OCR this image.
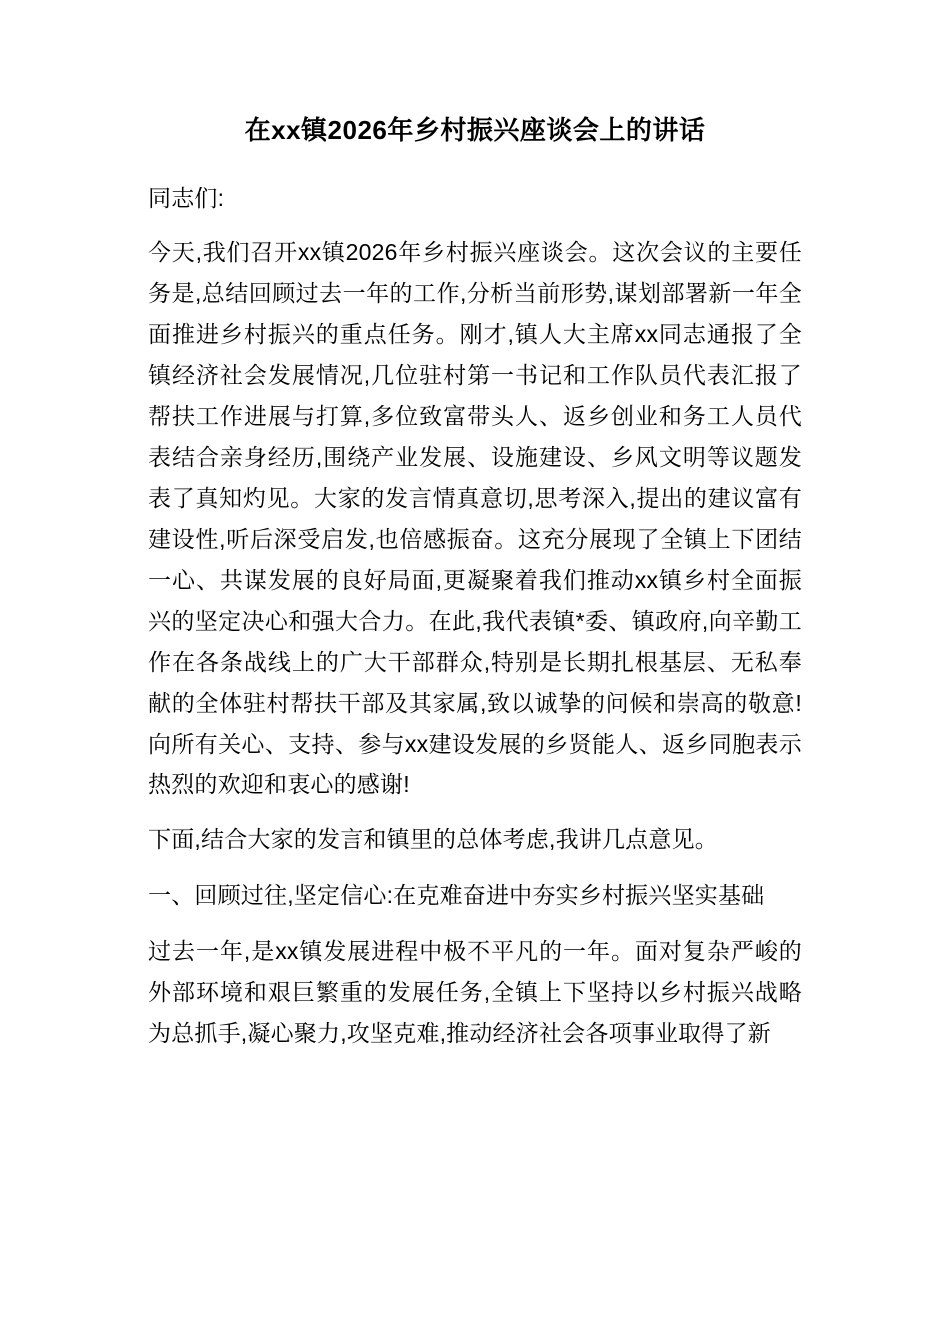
在xx镇2026年乡村振兴座谈会上的讲话

同志们:

今天,我们召开xx镇2026年乡村振兴座谈会。这次会议的主要任务是,总结回顾过去一年的工作,分析当前形势,谋划部署新一年全面推进乡村振兴的重点任务。刚才,镇人大主席xx同志通报了全镇经济社会发展情况,几位驻村第一书记和工作队员代表汇报了帮扶工作进展与打算,多位致富带头人、返乡创业和务工人员代表结合亲身经历,围绕产业发展、设施建设、乡风文明等议题发表了真知灼见。大家的发言情真意切,思考深入,提出的建议富有建设性,听后深受启发,也倍感振奋。这充分展现了全镇上下团结一心、共谋发展的良好局面,更凝聚着我们推动xx镇乡村全面振兴的坚定决心和强大合力。在此,我代表镇*委、镇政府,向辛勤工作在各条战线上的广大干部群众,特别是长期扎根基层、无私奉献的全体驻村帮扶干部及其家属,致以诚挚的问候和崇高的敬意!向所有关心、支持、参与xx建设发展的乡贤能人、返乡同胞表示热烈的欢迎和衷心的感谢!

下面,结合大家的发言和镇里的总体考虑,我讲几点意见。

一、回顾过往,坚定信心:在克难奋进中夯实乡村振兴坚实基础

过去一年,是xx镇发展进程中极不平凡的一年。面对复杂严峻的外部环境和艰巨繁重的发展任务,全镇上下坚持以乡村振兴战略为总抓手,凝心聚力,攻坚克难,推动经济社会各项事业取得了新
